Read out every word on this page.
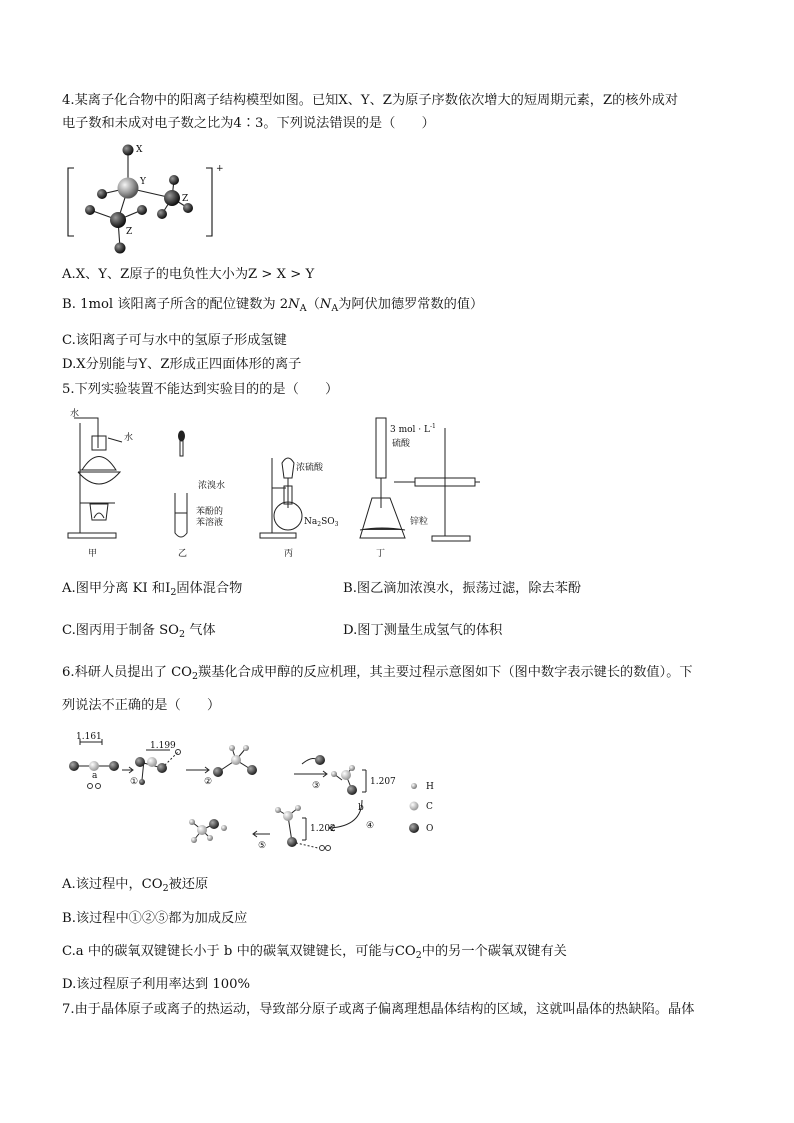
4.某离子化合物中的阳离子结构模型如图。已知X、Y、Z为原子序数依次增大的短周期元素，Z的核外成对
电子数和未成对电子数之比为4∶3。下列说法错误的是（　　）
+
X
Y
Z
Z
A.X、Y、Z原子的电负性大小为Z > X > Y
B. 1mol 该阳离子所含的配位键数为 $2N_A(N_A$为阿伏加德罗常数的值）
C.该阳离子可与水中的氢原子形成氢键
D.X分别能与Y、Z形成正四面体形的离子
5.下列实验装置不能达到实验目的的是（　　）
水
水
浓溴水
苯酚的
苯溶液
浓硫酸
$Na_2SO_3$
3 mol · $L^{-1}$
硫酸
锌粒
甲	乙	丙	丁
A.图甲分离 KI 和$I_2$固体混合物	B.图乙滴加浓溴水，振荡过滤，除去苯酚
C.图丙用于制备 $SO_2$ 气体	D.图丁测量生成氢气的体积
6.科研人员提出了 $CO_2$羰基化合成甲醇的反应机理，其主要过程示意图如下（图中数字表示键长的数值）。下
列说法不正确的是（　　）
1.161
1.199
1.207
1.202
a
b
①	②	③
④
⑤
H
C
O
A.该过程中，$CO_2$被还原
B.该过程中①②⑤都为加成反应
C.a 中的碳氧双键键长小于 b 中的碳氧双键键长，可能与$CO_2$中的另一个碳氧双键有关
D.该过程原子利用率达到 100%
7.由于晶体原子或离子的热运动，导致部分原子或离子偏离理想晶体结构的区域，这就叫晶体的热缺陷。晶体
